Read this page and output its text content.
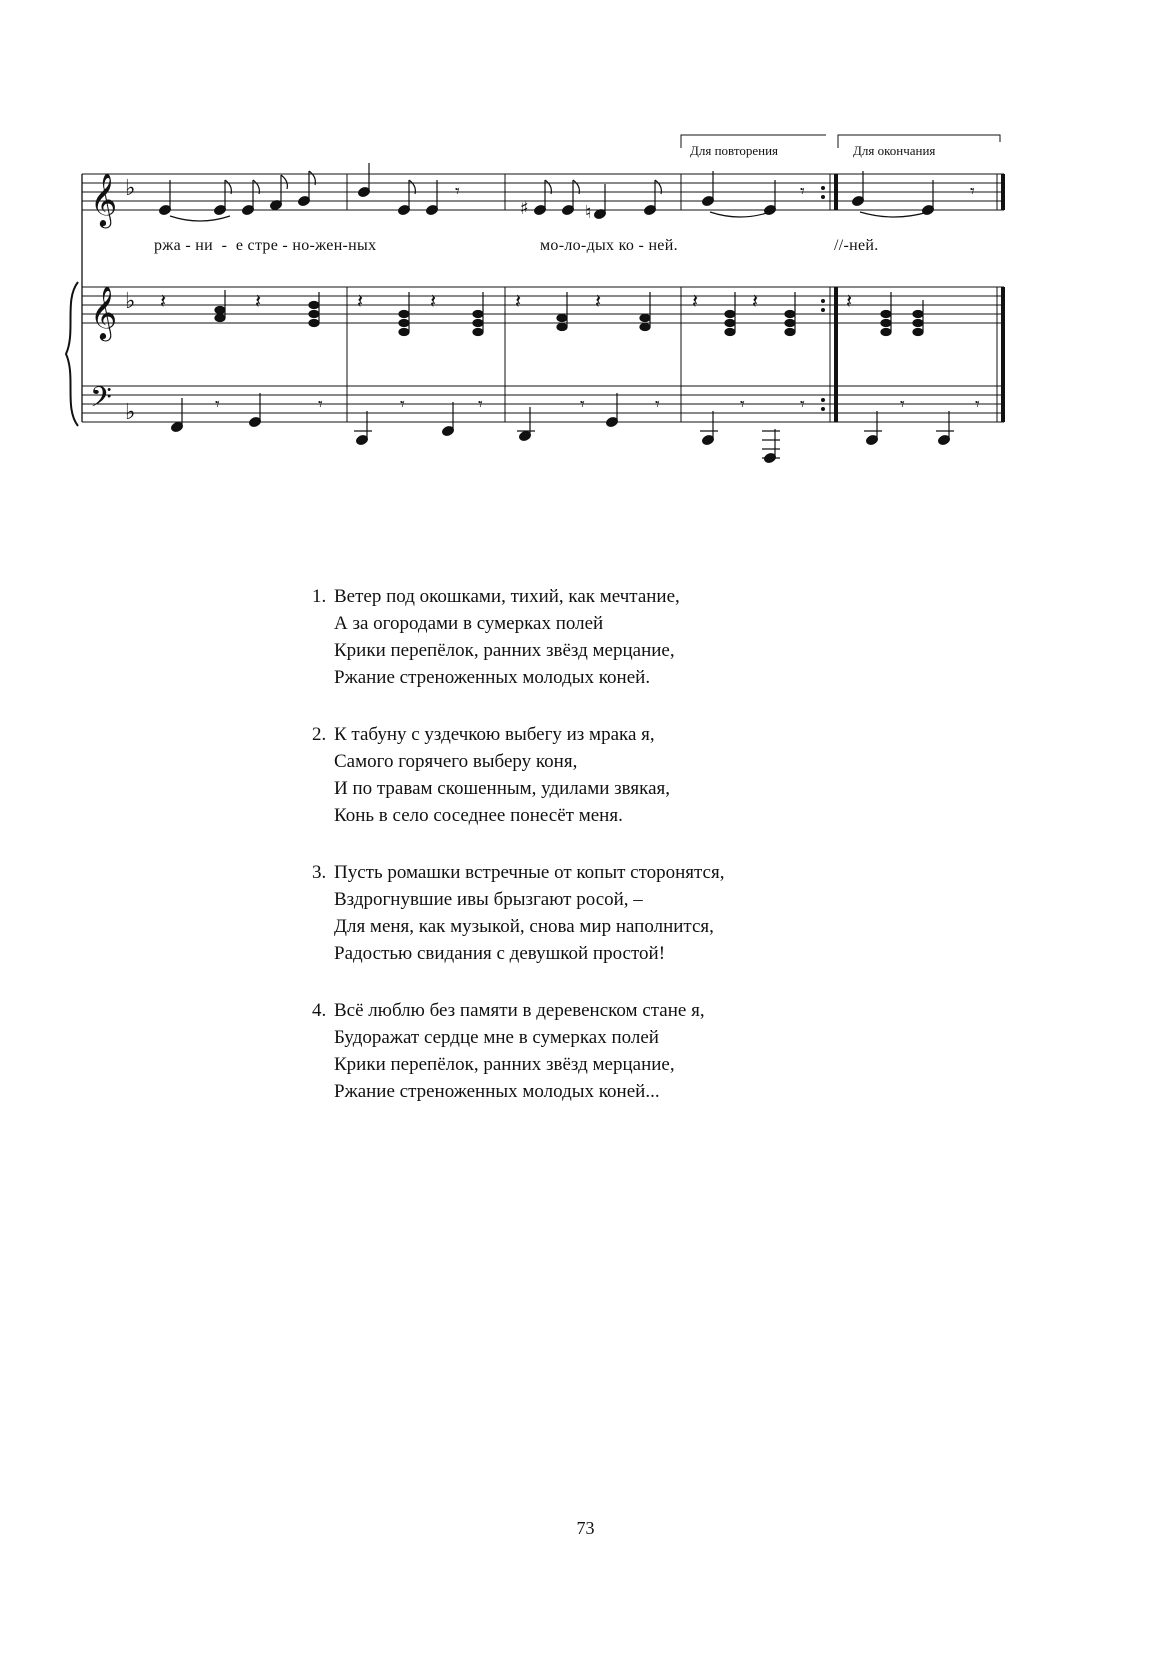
𝄞
𝄞
𝄢
♭
♭
♭
𝄾	𝄾	𝄾
♯	♮
𝄽	𝄽	𝄽	𝄽	𝄽	𝄽	𝄽	𝄽	𝄽
𝄾	𝄾	𝄾	𝄾	𝄾	𝄾	𝄾	𝄾	𝄾	𝄾
Для повторения	Для окончания
ржа - ни  -  е стре - но-жен-ных	мо-ло-дых ко - ней.	//-ней.
1. Ветер под окошками, тихий, как мечтание,
А за огородами в сумерках полей
Крики перепёлок, ранних звёзд мерцание,
Ржание стреноженных молодых коней.
2. К табуну с уздечкою выбегу из мрака я,
Самого горячего выберу коня,
И по травам скошенным, удилами звякая,
Конь в село соседнее понесёт меня.
3. Пусть ромашки встречные от копыт сторонятся,
Вздрогнувшие ивы брызгают росой, –
Для меня, как музыкой, снова мир наполнится,
Радостью свидания с девушкой простой!
4. Всё люблю без памяти в деревенском стане я,
Будоражат сердце мне в сумерках полей
Крики перепёлок, ранних звёзд мерцание,
Ржание стреноженных молодых коней...
73
